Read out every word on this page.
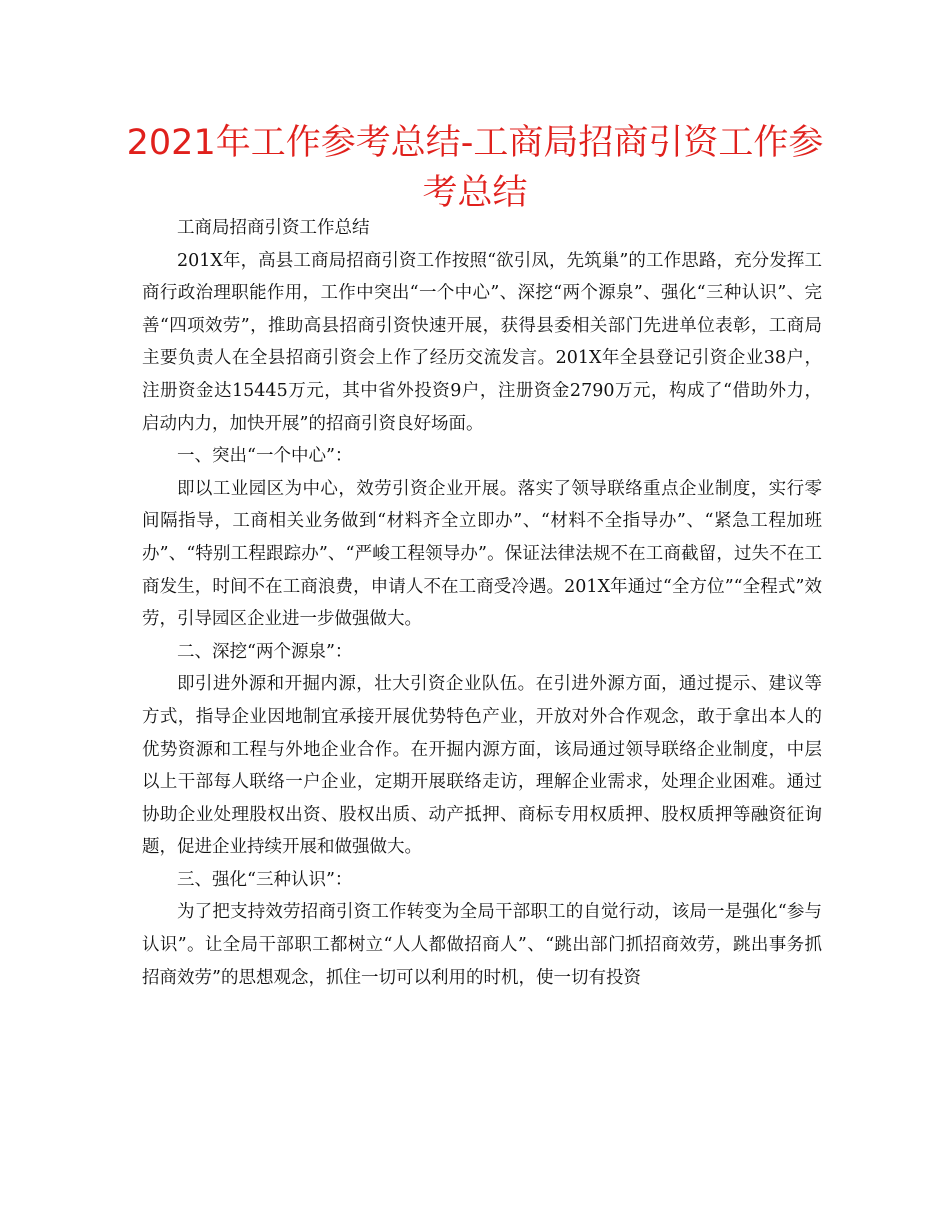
2021年工作参考总结-工商局招商引资工作参考总结

工商局招商引资工作总结

201X年，高县工商局招商引资工作按照“欲引凤，先筑巢”的工作思路，充分发挥工商行政治理职能作用，工作中突出“一个中心”、深挖“两个源泉”、强化“三种认识”、完善“四项效劳”，推助高县招商引资快速开展，获得县委相关部门先进单位表彰，工商局主要负责人在全县招商引资会上作了经历交流发言。201X年全县登记引资企业38户，注册资金达15445万元，其中省外投资9户，注册资金2790万元，构成了“借助外力，启动内力，加快开展”的招商引资良好场面。

一、突出“一个中心”：

即以工业园区为中心，效劳引资企业开展。落实了领导联络重点企业制度，实行零间隔指导，工商相关业务做到“材料齐全立即办”、“材料不全指导办”、“紧急工程加班办”、“特别工程跟踪办”、“严峻工程领导办”。保证法律法规不在工商截留，过失不在工商发生，时间不在工商浪费，申请人不在工商受冷遇。201X年通过“全方位”“全程式”效劳，引导园区企业进一步做强做大。

二、深挖“两个源泉”：

即引进外源和开掘内源，壮大引资企业队伍。在引进外源方面，通过提示、建议等方式，指导企业因地制宜承接开展优势特色产业，开放对外合作观念，敢于拿出本人的优势资源和工程与外地企业合作。在开掘内源方面，该局通过领导联络企业制度，中层以上干部每人联络一户企业，定期开展联络走访，理解企业需求，处理企业困难。通过协助企业处理股权出资、股权出质、动产抵押、商标专用权质押、股权质押等融资征询题，促进企业持续开展和做强做大。

三、强化“三种认识”：

为了把支持效劳招商引资工作转变为全局干部职工的自觉行动，该局一是强化“参与认识”。让全局干部职工都树立“人人都做招商人”、“跳出部门抓招商效劳，跳出事务抓招商效劳”的思想观念，抓住一切可以利用的时机，使一切有投资
